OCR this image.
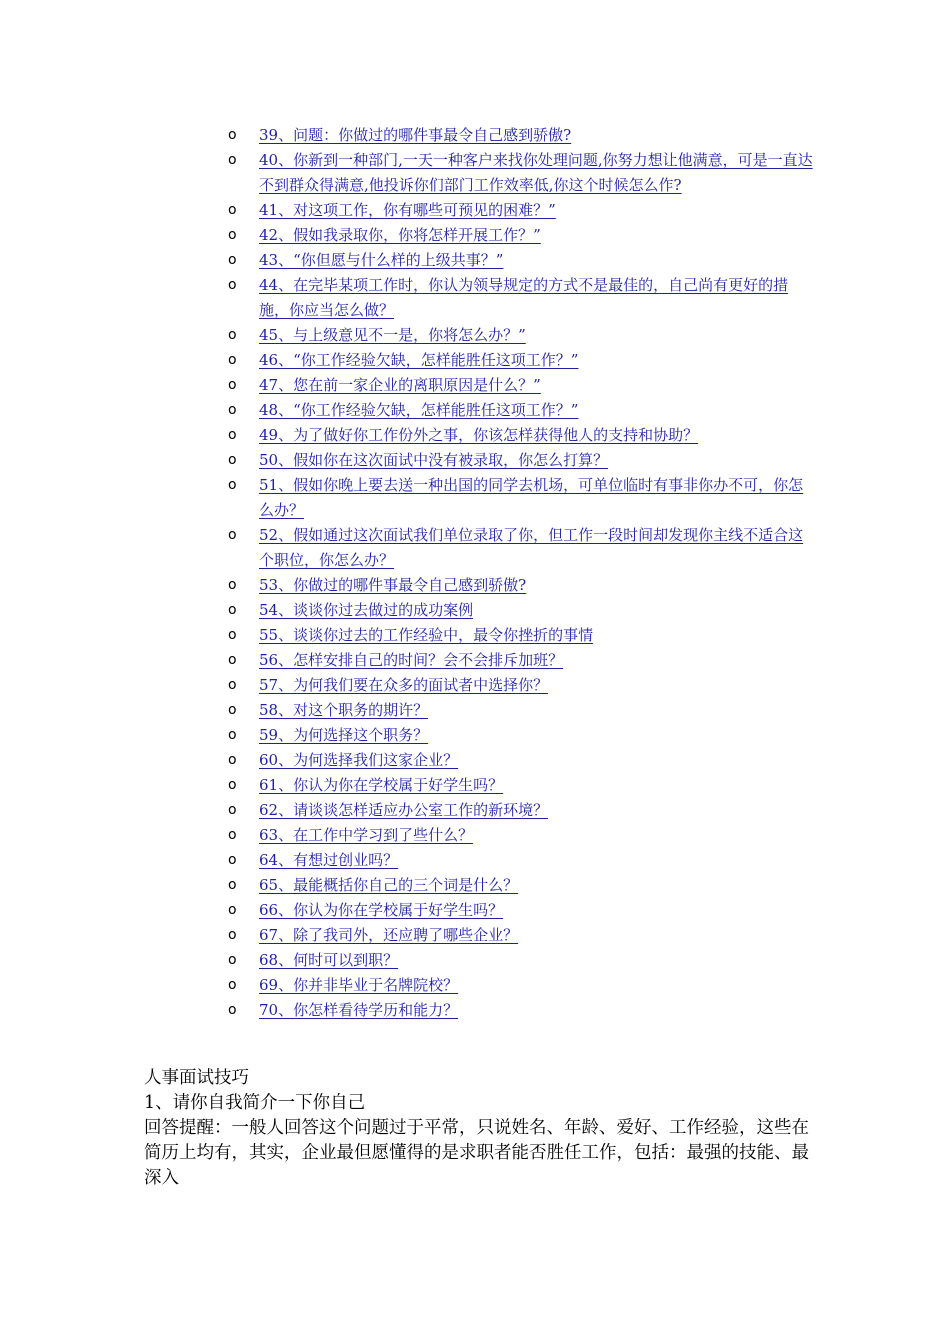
o 39、问题：你做过的哪件事最令自己感到骄傲?
o 40、你新到一种部门,一天一种客户来找你处理问题,你努力想让他满意，可是一直达不到群众得满意,他投诉你们部门工作效率低,你这个时候怎么作?
o 41、对这项工作，你有哪些可预见的困难？”
o 42、假如我录取你，你将怎样开展工作？”
o 43、“你但愿与什么样的上级共事？”
o 44、在完毕某项工作时，你认为领导规定的方式不是最佳的，自己尚有更好的措施，你应当怎么做？
o 45、与上级意见不一是，你将怎么办？”
o 46、“你工作经验欠缺，怎样能胜任这项工作？”
o 47、您在前一家企业的离职原因是什么？”
o 48、“你工作经验欠缺，怎样能胜任这项工作？”
o 49、为了做好你工作份外之事，你该怎样获得他人的支持和协助？
o 50、假如你在这次面试中没有被录取，你怎么打算？
o 51、假如你晚上要去送一种出国的同学去机场，可单位临时有事非你办不可，你怎么办？
o 52、假如通过这次面试我们单位录取了你，但工作一段时间却发现你主线不适合这个职位，你怎么办？
o 53、你做过的哪件事最令自己感到骄傲?
o 54、谈谈你过去做过的成功案例
o 55、谈谈你过去的工作经验中，最令你挫折的事情
o 56、怎样安排自己的时间？会不会排斥加班？
o 57、为何我们要在众多的面试者中选择你？
o 58、对这个职务的期许？
o 59、为何选择这个职务？
o 60、为何选择我们这家企业？
o 61、你认为你在学校属于好学生吗？
o 62、请谈谈怎样适应办公室工作的新环境？
o 63、在工作中学习到了些什么？
o 64、有想过创业吗？
o 65、最能概括你自己的三个词是什么？
o 66、你认为你在学校属于好学生吗？
o 67、除了我司外，还应聘了哪些企业？
o 68、何时可以到职？
o 69、你并非毕业于名牌院校？
o 70、你怎样看待学历和能力？

人事面试技巧

1、请你自我简介一下你自己

回答提醒：一般人回答这个问题过于平常，只说姓名、年龄、爱好、工作经验，这些在

简历上均有，其实，企业最但愿懂得的是求职者能否胜任工作，包括：最强的技能、最深入
